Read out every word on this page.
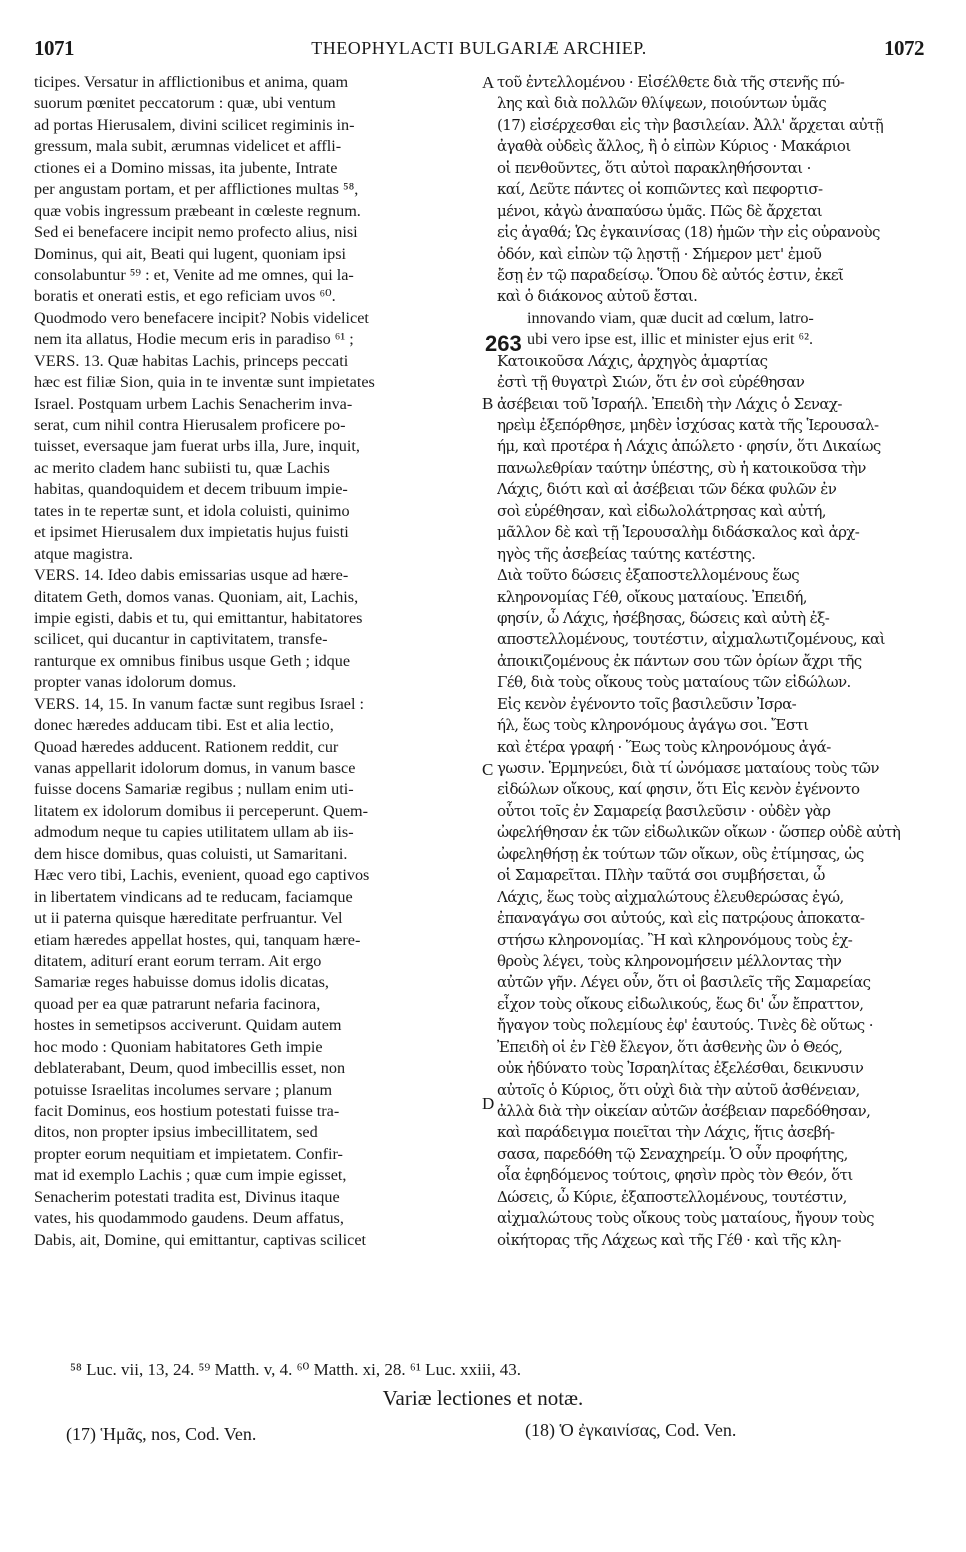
1071	THEOPHYLACTI BULGARIÆ ARCHIEP.	1072
ticipes. Versatur in afflictionibus et anima, quam
suorum pœnitet peccatorum : quæ, ubi ventum
ad portas Hierusalem, divini scilicet regiminis in-
gressum, mala subit, ærumnas videlicet et affli-
ctiones ei a Domino missas, ita jubente, Intrate
per angustam portam, et per afflictiones multas ⁵⁸,
quæ vobis ingressum præbeant in cœleste regnum.
Sed ei benefacere incipit nemo profecto alius, nisi
Dominus, qui ait, Beati qui lugent, quoniam ipsi
consolabuntur ⁵⁹ : et, Venite ad me omnes, qui la-
boratis et onerati estis, et ego reficiam uvos ⁶⁰.
Quodmodo vero benefacere incipit? Nobis videlicet
nem ita allatus, Hodie mecum eris in paradiso ⁶¹ ;
VERS. 13. Quæ habitas Lachis, princeps peccati
hæc est filiæ Sion, quia in te inventæ sunt impietates
Israel. Postquam urbem Lachis Senacherim inva-
serat, cum nihil contra Hierusalem proficere po-
tuisset, eversaque jam fuerat urbs illa, Jure, inquit,
ac merito cladem hanc subiisti tu, quæ Lachis
habitas, quandoquidem et decem tribuum impie-
tates in te repertæ sunt, et idola coluisti, quinimo
et ipsimet Hierusalem dux impietatis hujus fuisti
atque magistra.
VERS. 14. Ideo dabis emissarias usque ad hære-
ditatem Geth, domos vanas. Quoniam, ait, Lachis,
impie egisti, dabis et tu, qui emittantur, habitatores
scilicet, qui ducantur in captivitatem, transfe-
ranturque ex omnibus finibus usque Geth ; idque
propter vanas idolorum domus.
VERS. 14, 15. In vanum factæ sunt regibus Israel :
donec hæredes adducam tibi. Est et alia lectio,
Quoad hæredes adducent. Rationem reddit, cur
vanas appellarit idolorum domus, in vanum basce
fuisse docens Samariæ regibus ; nullam enim uti-
litatem ex idolorum domibus ii perceperunt. Quem-
admodum neque tu capies utilitatem ullam ab iis-
dem hisce domibus, quas coluisti, ut Samaritani.
Hæc vero tibi, Lachis, evenient, quoad ego captivos
in libertatem vindicans ad te reducam, faciamque
ut ii paterna quisque hæreditate perfruantur. Vel
etiam hæredes appellat hostes, qui, tanquam hære-
ditatem, aditurí erant eorum terram. Ait ergo
Samariæ reges habuisse domus idolis dicatas,
quoad per ea quæ patrarunt nefaria facinora,
hostes in semetipsos acciverunt. Quidam autem
hoc modo : Quoniam habitatores Geth impie
deblaterabant, Deum, quod imbecillis esset, non
potuisse Israelitas incolumes servare ; planum
facit Dominus, eos hostium potestati fuisse tra-
ditos, non propter ipsius imbecillitatem, sed
propter eorum nequitiam et impietatem. Confir-
mat id exemplo Lachis ; quæ cum impie egisset,
Senacherim potestati tradita est, Divinus itaque
vates, his quodammodo gaudens. Deum affatus,
Dabis, ait, Domine, qui emittantur, captivas scilicet
τοῦ ἐντελλομένου · Εἰσέλθετε διὰ τῆς στενῆς πύ-
λης καὶ διὰ πολλῶν θλίψεων, ποιούντων ὑμᾶς
(17) εἰσέρχεσθαι εἰς τὴν βασιλείαν. Ἀλλ' ἄρχεται αὐτῇ
ἀγαθὰ οὐδεὶς ἄλλος, ἢ ὁ εἰπὼν Κύριος · Μακάριοι
οἱ πενθοῦντες, ὅτι αὐτοὶ παρακληθήσονται ·
καί, Δεῦτε πάντες οἱ κοπιῶντες καὶ πεφορτισ-
μένοι, κἀγὼ ἀναπαύσω ὑμᾶς. Πῶς δὲ ἄρχεται
εἰς ἀγαθά; Ὡς ἐγκαινίσας (18) ἡμῶν τὴν εἰς οὐρανοὺς
ὁδόν, καὶ εἰπὼν τῷ λῃστῇ · Σήμερον μετ' ἐμοῦ
ἔσῃ ἐν τῷ παραδείσῳ. Ὅπου δὲ αὐτός ἐστιν, ἐκεῖ
καὶ ὁ διάκονος αὐτοῦ ἔσται.
innovando viam, quæ ducit ad cœlum, latro-
ubi vero ipse est, illic et minister ejus erit ⁶².
Κατοικοῦσα Λάχις, ἀρχηγὸς ἁμαρτίας
ἐστὶ τῇ θυγατρὶ Σιών, ὅτι ἐν σοὶ εὑρέθησαν
ἀσέβειαι τοῦ Ἰσραήλ. Ἐπειδὴ τὴν Λάχις ὁ Σεναχ-
ηρεὶμ ἐξεπόρθησε, μηδὲν ἰσχύσας κατὰ τῆς Ἱερουσαλ-
ήμ, καὶ προτέρα ἡ Λάχις ἀπώλετο · φησίν, ὅτι Δικαίως
πανωλεθρίαν ταύτην ὑπέστης, σὺ ἡ κατοικοῦσα τὴν
Λάχις, διότι καὶ αἱ ἀσέβειαι τῶν δέκα φυλῶν ἐν
σοὶ εὑρέθησαν, καὶ εἰδωλολάτρησας καὶ αὐτή,
μᾶλλον δὲ καὶ τῇ Ἱερουσαλὴμ διδάσκαλος καὶ ἀρχ-
ηγὸς τῆς ἀσεβείας ταύτης κατέστης.
Διὰ τοῦτο δώσεις ἐξαποστελλομένους ἕως
κληρονομίας Γέθ, οἴκους ματαίους. Ἐπειδή,
φησίν, ὦ Λάχις, ἠσέβησας, δώσεις καὶ αὐτὴ ἐξ-
αποστελλομένους, τουτέστιν, αἰχμαλωτιζομένους, καὶ
ἀποικιζομένους ἐκ πάντων σου τῶν ὁρίων ἄχρι τῆς
Γέθ, διὰ τοὺς οἴκους τοὺς ματαίους τῶν εἰδώλων.
Εἰς κενὸν ἐγένοντο τοῖς βασιλεῦσιν Ἰσρα-
ήλ, ἕως τοὺς κληρονόμους ἀγάγω σοι. Ἔστι
καὶ ἑτέρα γραφή · Ἕως τοὺς κληρονόμους ἀγά-
γωσιν. Ἑρμηνεύει, διὰ τί ὠνόμασε ματαίους τοὺς τῶν
εἰδώλων οἴκους, καί φησιν, ὅτι Εἰς κενὸν ἐγένοντο
οὗτοι τοῖς ἐν Σαμαρείᾳ βασιλεῦσιν · οὐδὲν γὰρ
ὠφελήθησαν ἐκ τῶν εἰδωλικῶν οἴκων · ὥσπερ οὐδὲ αὐτὴ
ὠφεληθήσῃ ἐκ τούτων τῶν οἴκων, οὓς ἐτίμησας, ὡς
οἱ Σαμαρεῖται. Πλὴν ταῦτά σοι συμβήσεται, ὦ
Λάχις, ἕως τοὺς αἰχμαλώτους ἐλευθερώσας ἐγώ,
ἐπαναγάγω σοι αὐτούς, καὶ εἰς πατρῴους ἀποκατα-
στήσω κληρονομίας. Ἢ καὶ κληρονόμους τοὺς ἐχ-
θροὺς λέγει, τοὺς κληρονομήσειν μέλλοντας τὴν
αὐτῶν γῆν. Λέγει οὖν, ὅτι οἱ βασιλεῖς τῆς Σαμαρείας
εἶχον τοὺς οἴκους εἰδωλικούς, ἕως δι' ὧν ἔπραττον,
ἤγαγον τοὺς πολεμίους ἐφ' ἑαυτούς. Τινὲς δὲ οὕτως ·
Ἐπειδὴ οἱ ἐν Γὲθ ἔλεγον, ὅτι ἀσθενὴς ὢν ὁ Θεός,
οὐκ ἠδύνατο τοὺς Ἰσραηλίτας ἐξελέσθαι, δεικνυσιν
αὐτοῖς ὁ Κύριος, ὅτι οὐχὶ διὰ τὴν αὐτοῦ ἀσθένειαν,
ἀλλὰ διὰ τὴν οἰκείαν αὐτῶν ἀσέβειαν παρεδόθησαν,
καὶ παράδειγμα ποιεῖται τὴν Λάχις, ἥτις ἀσεβή-
σασα, παρεδόθη τῷ Σεναχηρείμ. Ὁ οὖν προφήτης,
οἷα ἐφηδόμενος τούτοις, φησὶν πρὸς τὸν Θεόν, ὅτι
Δώσεις, ὦ Κύριε, ἐξαποστελλομένους, τουτέστιν,
αἰχμαλώτους τοὺς οἴκους τοὺς ματαίους, ἤγουν τοὺς
οἰκήτορας τῆς Λάχεως καὶ τῆς Γέθ · καὶ τῆς κλη-
A
B
C
D
263
⁵⁸ Luc. vii, 13, 24. ⁵⁹ Matth. v, 4. ⁶⁰ Matth. xi, 28. ⁶¹ Luc. xxiii, 43.
Variæ lectiones et notæ.
(17) Ἡμᾶς, nos, Cod. Ven.	(18) Ὁ ἐγκαινίσας, Cod. Ven.
